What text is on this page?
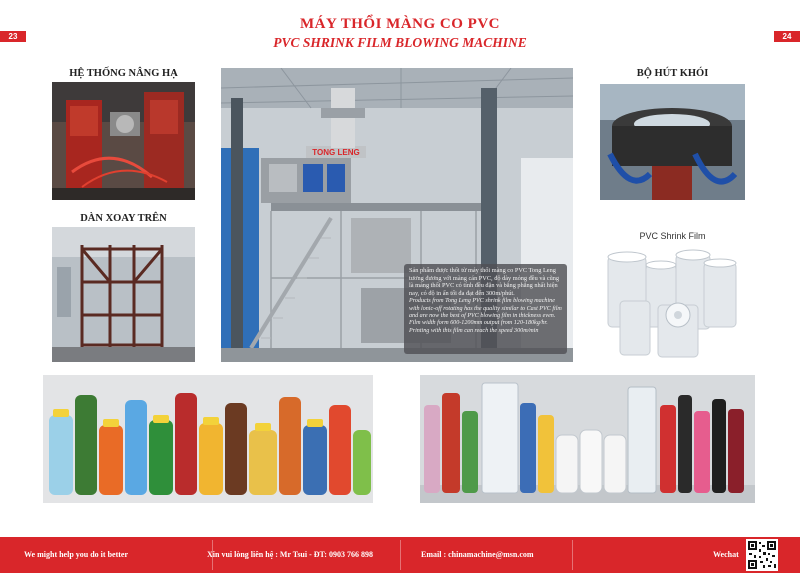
23	24
MÁY THỔI MÀNG CO PVC
PVC SHRINK FILM BLOWING MACHINE
HỆ THỐNG NÂNG HẠ
DÀN XOAY TRÊN
TONG LENG
Sản phẩm được thổi từ máy thổi màng co PVC Tong Leng tương đương với màng cán PVC, độ dày mỏng đều và cũng là màng thổi PVC có tính đều đặn và bằng phẳng nhất hiện nay, có độ in ấn tối đa đạt đến 300m/phút.
Products from Tong Leng PVC shrink film blowing machine with lonic-off rotating has the quality similar to Cast PVC film and are now the best of PVC blowing film in thickness even. Film width form 600-1200mm output from 120-180kg/hr. Printing with this film can reach the speed 300m/min
BỘ HÚT KHÓI
PVC Shrink Film
We might help you do it better	Xin vui lòng liên hệ : Mr Tsui - ĐT: 0903 766 898	Email : chinamachine@msn.com	Wechat
